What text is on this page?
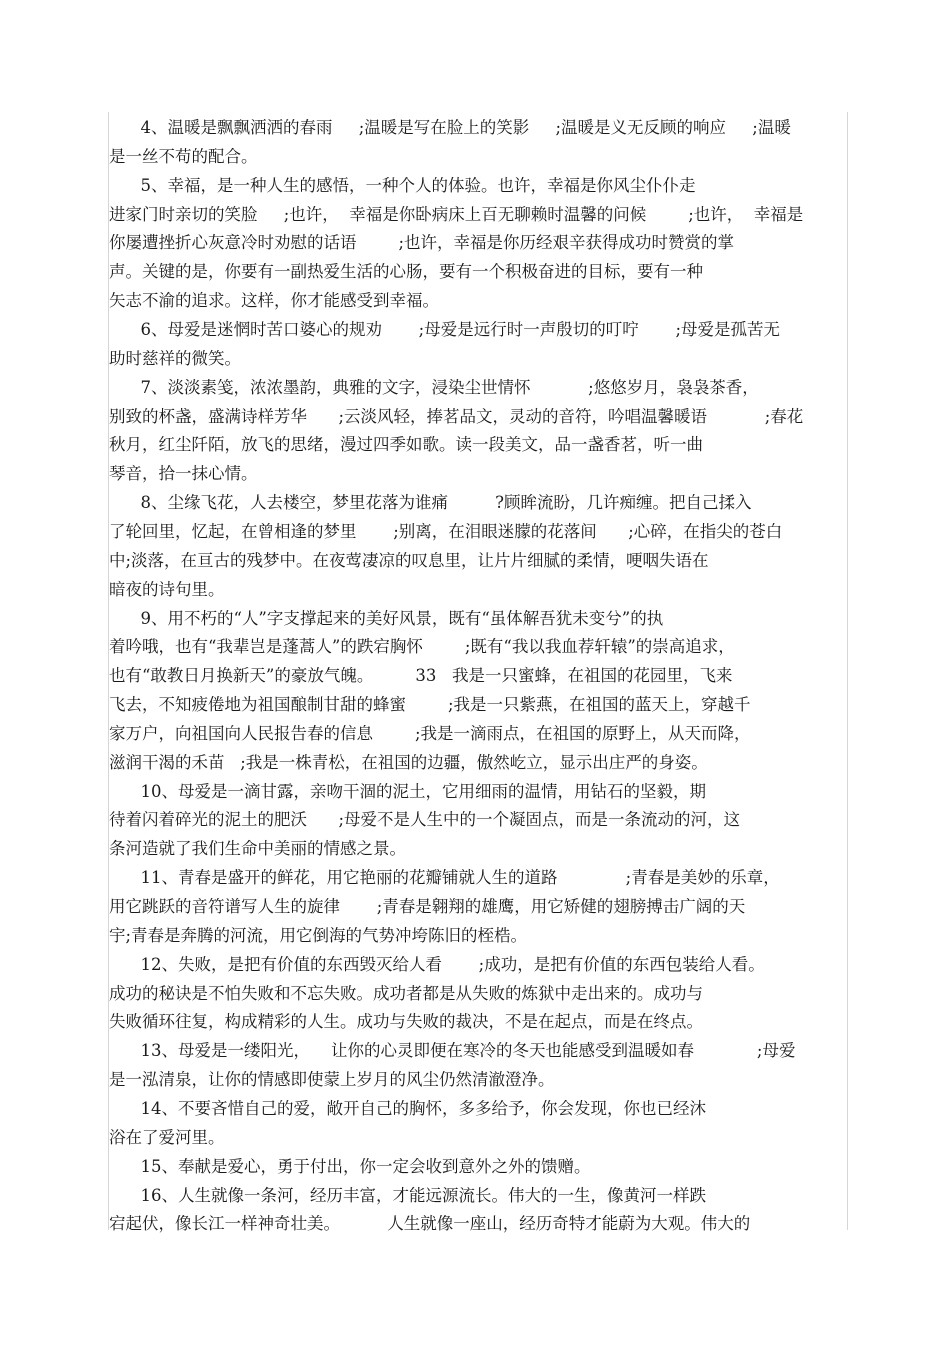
4、温暖是飘飘洒洒的春雨     ;温暖是写在脸上的笑影     ;温暖是义无反顾的响应     ;温暖
是一丝不苟的配合。
5、幸福，是一种人生的感悟，一种个人的体验。也许，幸福是你风尘仆仆走
进家门时亲切的笑脸     ;也许，  幸福是你卧病床上百无聊赖时温馨的问候        ;也许，  幸福是
你屡遭挫折心灰意冷时劝慰的话语        ;也许，幸福是你历经艰辛获得成功时赞赏的掌
声。关键的是，你要有一副热爱生活的心肠，要有一个积极奋进的目标，要有一种
矢志不渝的追求。这样，你才能感受到幸福。
6、母爱是迷惘时苦口婆心的规劝       ;母爱是远行时一声殷切的叮咛       ;母爱是孤苦无
助时慈祥的微笑。
7、淡淡素笺，浓浓墨韵，典雅的文字，浸染尘世情怀           ;悠悠岁月，袅袅茶香，
别致的杯盏，盛满诗样芳华      ;云淡风轻，捧茗品文，灵动的音符，吟唱温馨暖语           ;春花
秋月，红尘阡陌，放飞的思绪，漫过四季如歌。读一段美文，品一盏香茗，听一曲
琴音，拾一抹心情。
8、尘缘飞花，人去楼空，梦里花落为谁痛         ?顾眸流盼，几许痴缠。把自己揉入
了轮回里，忆起，在曾相逢的梦里       ;别离，在泪眼迷朦的花落间      ;心碎，在指尖的苍白
中;淡落，在亘古的残梦中。在夜莺凄凉的叹息里，让片片细腻的柔情，哽咽失语在
暗夜的诗句里。
9、用不朽的“人”字支撑起来的美好风景，既有“虽体解吾犹未变兮”的执
着吟哦，也有“我辈岂是蓬蒿人”的跌宕胸怀        ;既有“我以我血荐轩辕”的崇高追求，
也有“敢教日月换新天”的豪放气魄。        33   我是一只蜜蜂，在祖国的花园里，飞来
飞去，不知疲倦地为祖国酿制甘甜的蜂蜜        ;我是一只紫燕，在祖国的蓝天上，穿越千
家万户，向祖国向人民报告春的信息        ;我是一滴雨点，在祖国的原野上，从天而降，
滋润干渴的禾苗   ;我是一株青松，在祖国的边疆，傲然屹立，显示出庄严的身姿。
10、母爱是一滴甘露，亲吻干涸的泥土，它用细雨的温情，用钻石的坚毅，期
待着闪着碎光的泥土的肥沃      ;母爱不是人生中的一个凝固点，而是一条流动的河，这
条河造就了我们生命中美丽的情感之景。
11、青春是盛开的鲜花，用它艳丽的花瓣铺就人生的道路             ;青春是美妙的乐章，
用它跳跃的音符谱写人生的旋律       ;青春是翱翔的雄鹰，用它矫健的翅膀搏击广阔的天
宇;青春是奔腾的河流，用它倒海的气势冲垮陈旧的桎梏。
12、失败，是把有价值的东西毁灭给人看       ;成功，是把有价值的东西包装给人看。
成功的秘诀是不怕失败和不忘失败。成功者都是从失败的炼狱中走出来的。成功与
失败循环往复，构成精彩的人生。成功与失败的裁决，不是在起点，而是在终点。
13、母爱是一缕阳光，    让你的心灵即便在寒冷的冬天也能感受到温暖如春            ;母爱
是一泓清泉，让你的情感即使蒙上岁月的风尘仍然清澈澄净。
14、不要吝惜自己的爱，敞开自己的胸怀，多多给予，你会发现，你也已经沐
浴在了爱河里。
15、奉献是爱心，勇于付出，你一定会收到意外之外的馈赠。
16、人生就像一条河，经历丰富，才能远源流长。伟大的一生，像黄河一样跌
宕起伏，像长江一样神奇壮美。         人生就像一座山，经历奇特才能蔚为大观。伟大的
